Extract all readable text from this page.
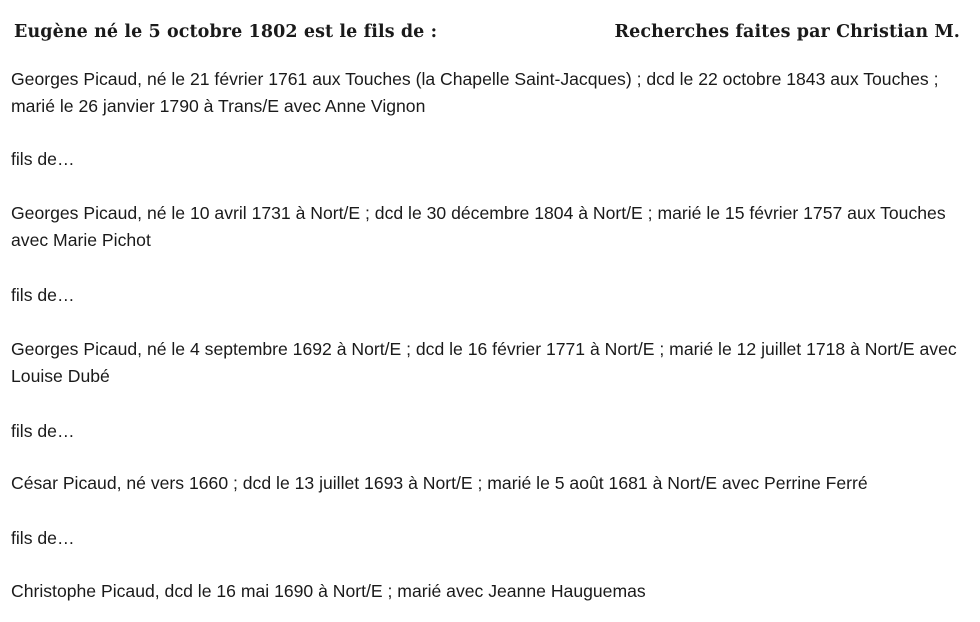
Eugène né le 5 octobre 1802 est le fils de :	Recherches faites par Christian M.

Georges Picaud, né le 21 février 1761 aux Touches (la Chapelle Saint-Jacques) ; dcd le 22 octobre 1843 aux Touches ; marié le 26 janvier 1790 à Trans/E avec Anne Vignon

fils de…

Georges Picaud, né le 10 avril 1731 à Nort/E ; dcd le 30 décembre 1804 à Nort/E ; marié le 15 février 1757 aux Touches avec Marie Pichot

fils de…

Georges Picaud, né le 4 septembre 1692 à Nort/E ; dcd le 16 février 1771 à Nort/E ; marié le 12 juillet 1718 à Nort/E avec Louise Dubé

fils de…

César Picaud, né vers 1660 ; dcd le 13 juillet 1693 à Nort/E ; marié le 5 août 1681 à Nort/E avec Perrine Ferré

fils de…

Christophe Picaud, dcd le 16 mai 1690 à Nort/E ; marié avec Jeanne Hauguemas
